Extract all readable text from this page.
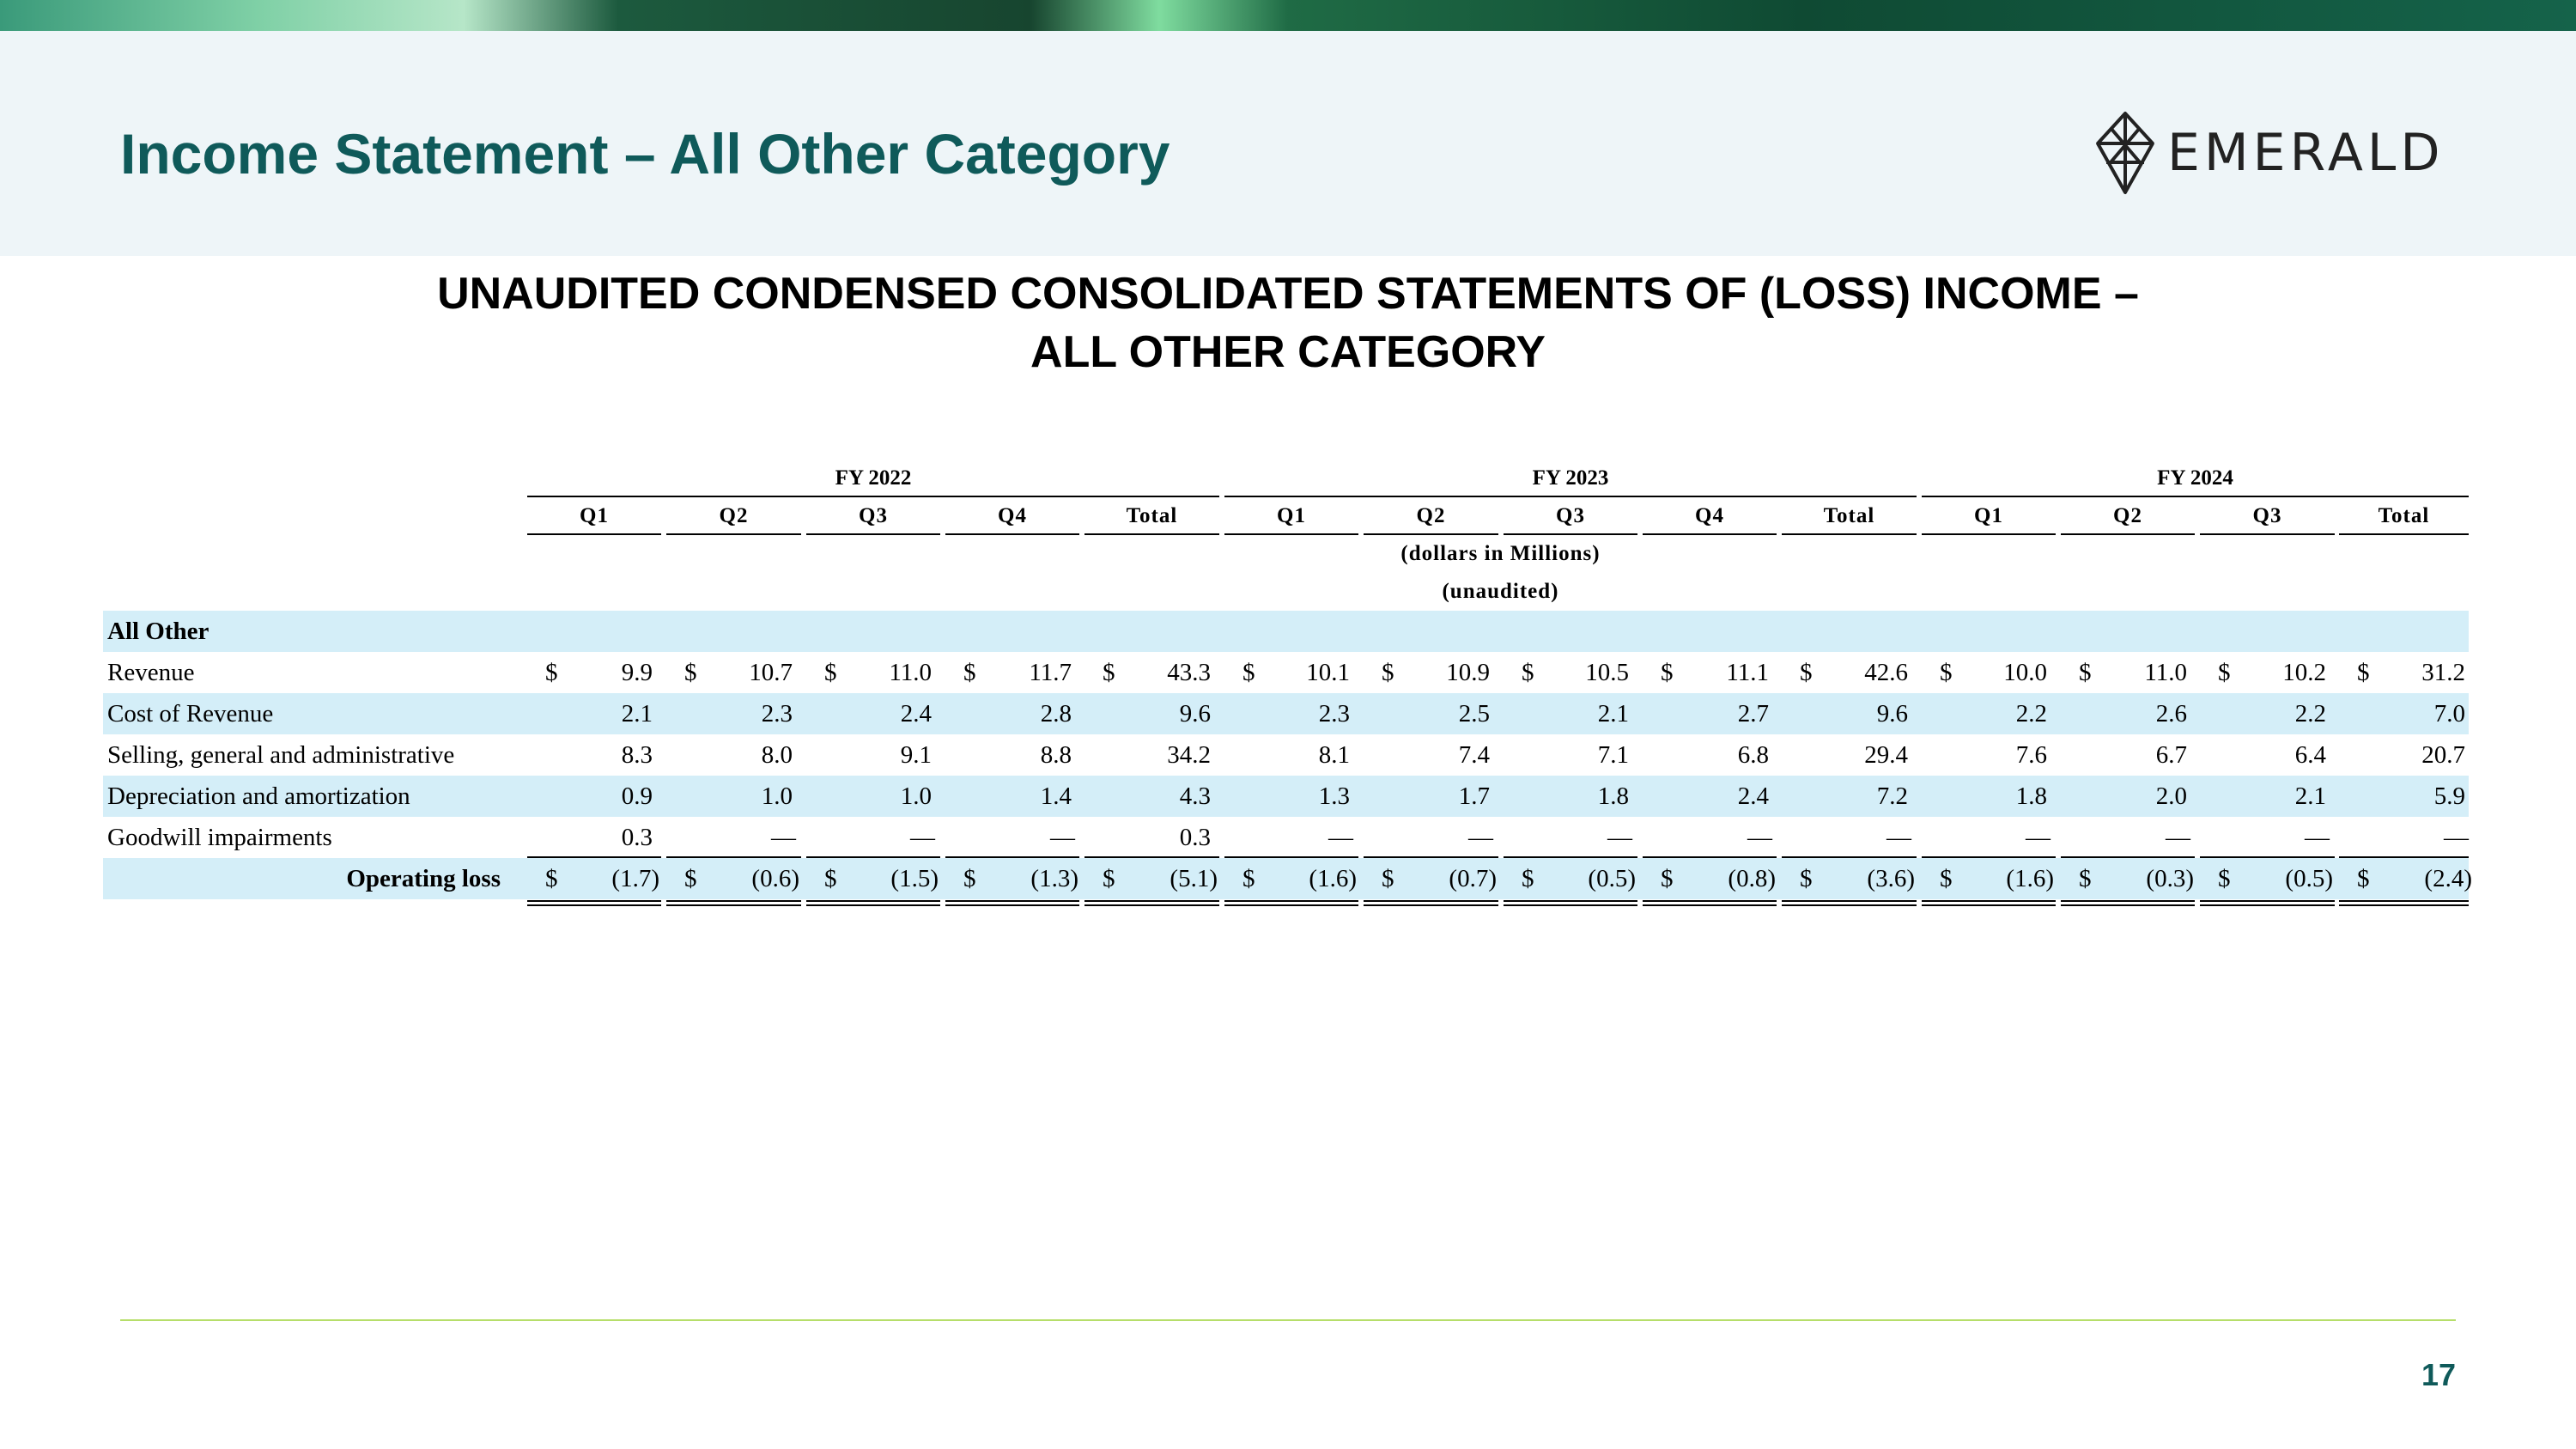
Income Statement – All Other Category	EMERALD
UNAUDITED CONDENSED CONSOLIDATED STATEMENTS OF (LOSS) INCOME –
ALL OTHER CATEGORY
FY 2022	FY 2023	FY 2024
Q1	Q2	Q3	Q4	Total	Q1	Q2	Q3	Q4	Total	Q1	Q2	Q3	Total
(dollars in Millions)
(unaudited)
All Other
Revenue	$	9.9 $	10.7 $	11.0 $	11.7 $	43.3 $	10.1 $	10.9 $	10.5 $	11.1 $	42.6 $	10.0 $	11.0 $	10.2 $	31.2
Cost of Revenue	2.1	2.3	2.4	2.8	9.6	2.3	2.5	2.1	2.7	9.6	2.2	2.6	2.2	7.0
Selling, general and administrative	8.3	8.0	9.1	8.8	34.2	8.1	7.4	7.1	6.8	29.4	7.6	6.7	6.4	20.7
Depreciation and amortization	0.9	1.0	1.0	1.4	4.3	1.3	1.7	1.8	2.4	7.2	1.8	2.0	2.1	5.9
Goodwill impairments	0.3	—	—	—	0.3	—	—	—	—	—	—	—	—	—
Operating loss $	(1.7) $	(0.6) $	(1.5) $	(1.3) $	(5.1) $	(1.6) $	(0.7) $	(0.5) $	(0.8) $	(3.6) $	(1.6) $	(0.3) $	(0.5) $	(2.4)
17
